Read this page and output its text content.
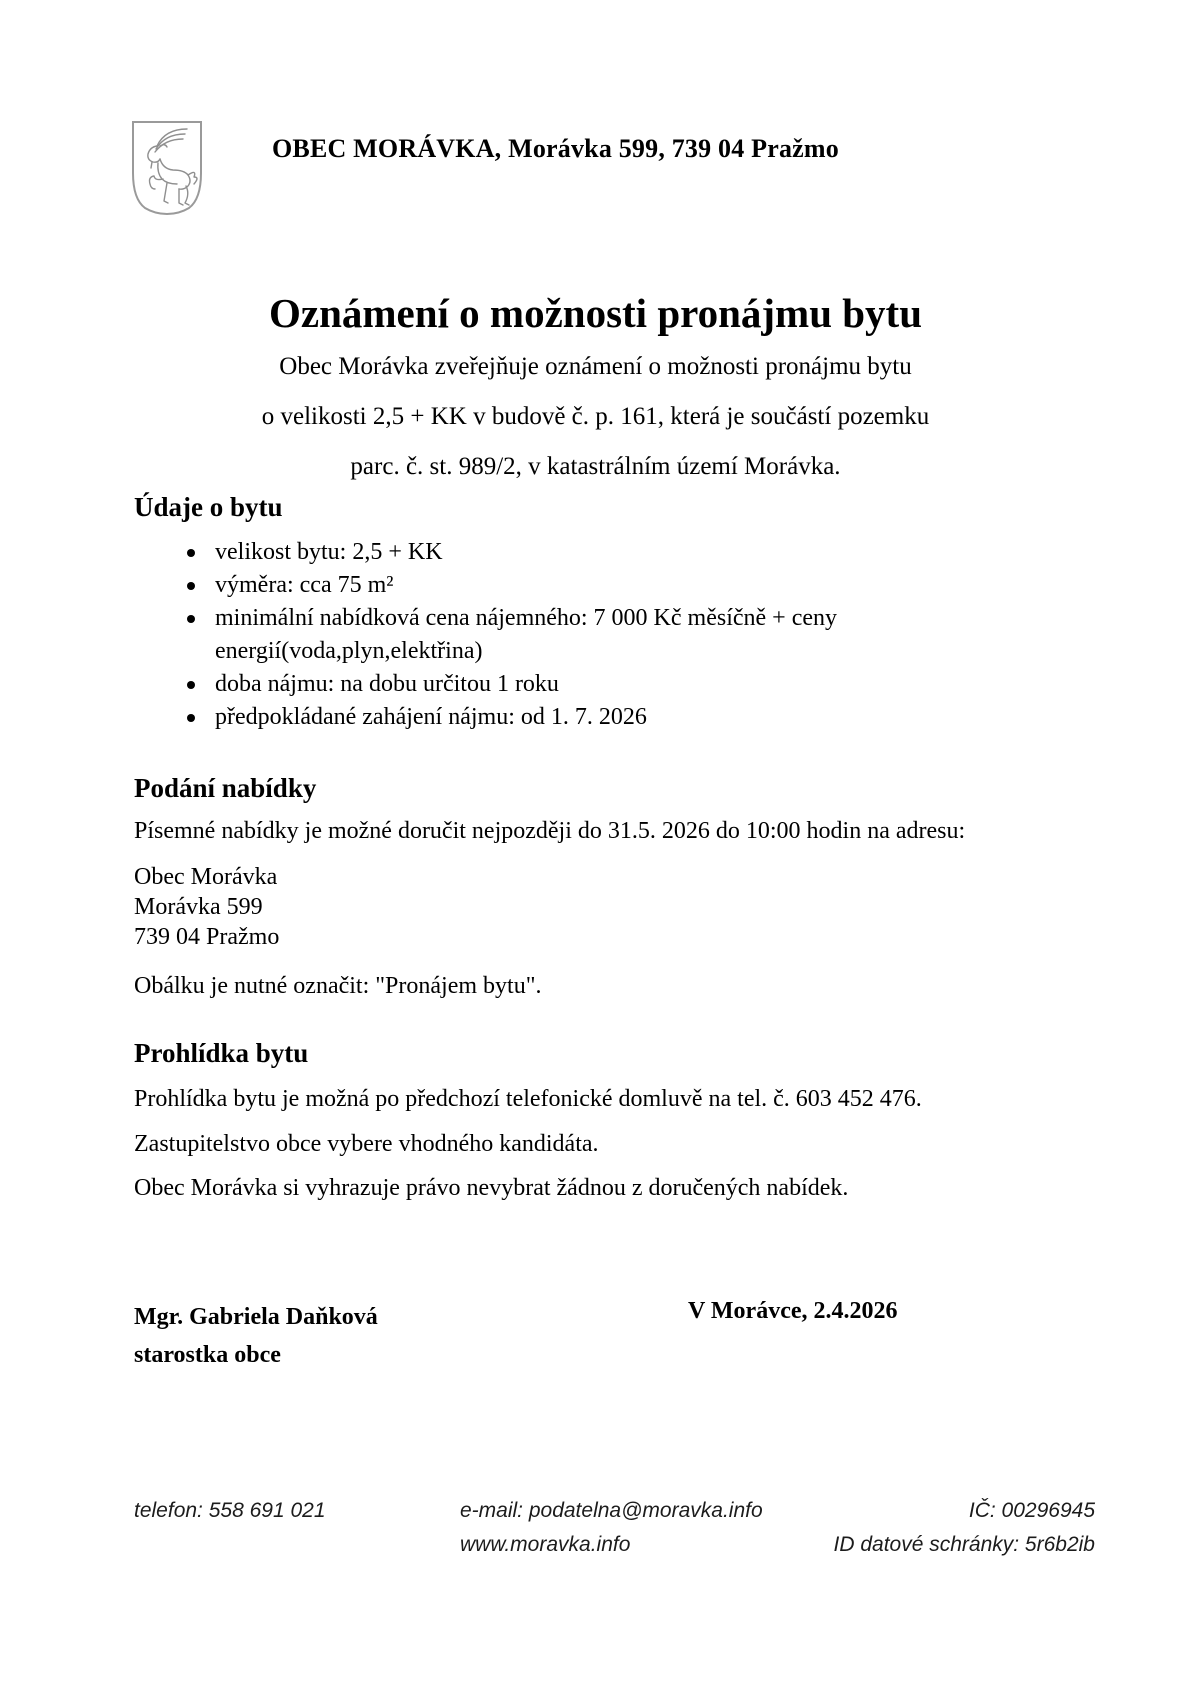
OBEC MORÁVKA, Morávka 599, 739 04 Pražmo
Oznámení o možnosti pronájmu bytu
Obec Morávka zveřejňuje oznámení o možnosti pronájmu bytu
o velikosti 2,5 + KK v budově č. p. 161, která je součástí pozemku
parc. č. st. 989/2, v katastrálním území Morávka.
Údaje o bytu
velikost bytu: 2,5 + KK
výměra: cca 75 m²
minimální nabídková cena nájemného: 7 000 Kč měsíčně + ceny energií(voda,plyn,elektřina)
doba nájmu: na dobu určitou 1 roku
předpokládané zahájení nájmu: od 1. 7. 2026
Podání nabídky
Písemné nabídky je možné doručit nejpozději do 31.5. 2026 do 10:00 hodin na adresu:
Obec Morávka
Morávka 599
739 04 Pražmo
Obálku je nutné označit: "Pronájem bytu".
Prohlídka bytu
Prohlídka bytu je možná po předchozí telefonické domluvě na tel. č. 603 452 476.
Zastupitelstvo obce vybere vhodného kandidáta.
Obec Morávka si vyhrazuje právo nevybrat žádnou z doručených nabídek.
Mgr. Gabriela Daňková
starostka obce
V Morávce, 2.4.2026
telefon: 558 691 021	e-mail: podatelna@moravka.info
www.moravka.info
IČ: 00296945
ID datové schránky: 5r6b2ib
